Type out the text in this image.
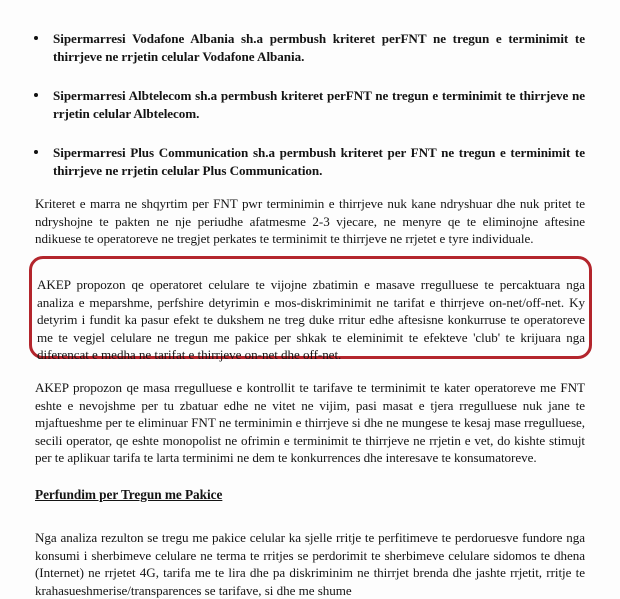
Sipermarresi Vodafone Albania sh.a permbush kriteret perFNT ne tregun e terminimit te thirrjeve ne rrjetin celular Vodafone Albania.

Sipermarresi Albtelecom sh.a permbush kriteret perFNT ne tregun e terminimit te thirrjeve ne rrjetin celular Albtelecom.

Sipermarresi Plus Communication sh.a permbush kriteret per FNT ne tregun e terminimit te thirrjeve ne rrjetin celular Plus Communication.

Kriteret e marra ne shqyrtim per FNT pwr terminimin e thirrjeve nuk kane ndryshuar dhe nuk pritet te ndryshojne te pakten ne nje periudhe afatmesme 2-3 vjecare, ne menyre qe te eliminojne aftesine ndikuese te operatoreve ne tregjet perkates te terminimit te thirrjeve ne rrjetet e tyre individuale.

AKEP propozon qe operatoret celulare te vijojne zbatimin e masave rregulluese te percaktuara nga analiza e meparshme, perfshire detyrimin e mos-diskriminimit ne tarifat e thirrjeve on-net/off-net. Ky detyrim i fundit ka pasur efekt te dukshem ne treg duke rritur edhe aftesisne konkurruse te operatoreve me te vegjel celulare ne tregun me pakice per shkak te eleminimit te efekteve 'club' te krijuara nga diferencat e medha ne tarifat e thirrjeve on-net dhe off-net.

AKEP propozon qe masa rregulluese e kontrollit te tarifave te terminimit te kater operatoreve me FNT eshte e nevojshme per tu zbatuar edhe ne vitet ne vijim, pasi masat e tjera rregulluese nuk jane te mjaftueshme per te eliminuar FNT ne terminimin e thirrjeve si dhe ne mungese te kesaj mase rregulluese, secili operator, qe eshte monopolist ne ofrimin e terminimit te thirrjeve ne rrjetin e vet, do kishte stimujt per te aplikuar tarifa te larta terminimi ne dem te konkurrences dhe interesave te konsumatoreve.

Perfundim per Tregun me Pakice

Nga analiza rezulton se tregu me pakice celular ka sjelle rritje te perfitimeve te perdoruesve fundore nga konsumi i sherbimeve celulare ne terma te rritjes se perdorimit te sherbimeve celulare sidomos te dhena (Internet) ne rrjetet 4G, tarifa me te lira dhe pa diskriminim ne thirrjet brenda dhe jashte rrjetit, rritje te krahasueshmerise/transparences se tarifave, si dhe me shume
